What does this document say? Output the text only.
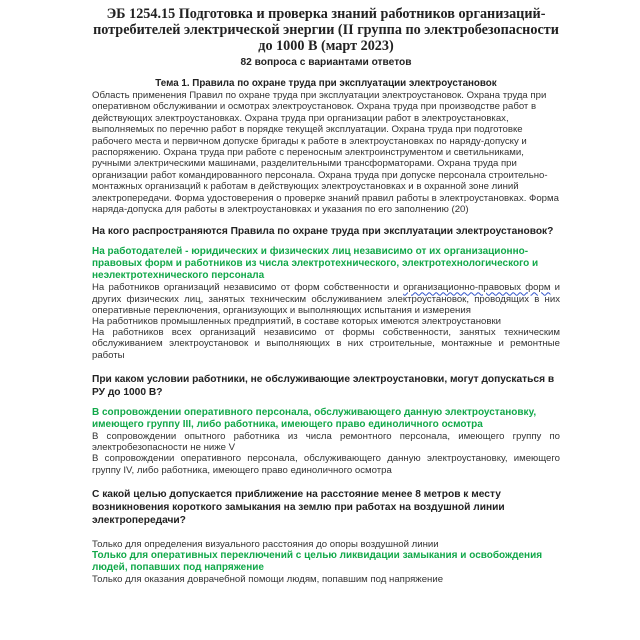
ЭБ 1254.15 Подготовка и проверка знаний работников организаций-потребителей электрической энергии (II группа по электробезопасности до 1000 В (март 2023)
82 вопроса с вариантами ответов
Тема 1. Правила по охране труда при эксплуатации электроустановок
Область применения Правил по охране труда при эксплуатации электроустановок. Охрана труда при оперативном обслуживании и осмотрах электроустановок. Охрана труда при производстве работ в действующих электроустановках. Охрана труда при организации работ в электроустановках, выполняемых по перечню работ в порядке текущей эксплуатации. Охрана труда при подготовке рабочего места и первичном допуске бригады к работе в электроустановках по наряду-допуску и распоряжению. Охрана труда при работе с переносным электроинструментом и светильниками, ручными электрическими машинами, разделительными трансформаторами. Охрана труда при организации работ командированного персонала. Охрана труда при допуске персонала строительно-монтажных организаций к работам в действующих электроустановках и в охранной зоне линий электропередачи. Форма удостоверения о проверке знаний правил работы в электроустановках. Форма наряда-допуска для работы в электроустановках и указания по его заполнению (20)
На кого распространяются Правила по охране труда при эксплуатации электроустановок?
На работодателей - юридических и физических лиц независимо от их организационно-правовых форм и работников из числа электротехнического, электротехнологического и неэлектротехнического персонала
На работников организаций независимо от форм собственности и организационно-правовых форм и других физических лиц, занятых техническим обслуживанием электроустановок, проводящих в них оперативные переключения, организующих и выполняющих испытания и измерения
На работников промышленных предприятий, в составе которых имеются электроустановки
На работников всех организаций независимо от формы собственности, занятых техническим обслуживанием электроустановок и выполняющих в них строительные, монтажные и ремонтные работы
При каком условии работники, не обслуживающие электроустановки, могут допускаться в РУ до 1000 В?
В сопровождении оперативного персонала, обслуживающего данную электроустановку, имеющего группу III, либо работника, имеющего право единоличного осмотра
В сопровождении опытного работника из числа ремонтного персонала, имеющего группу по электробезопасности не ниже V
В сопровождении оперативного персонала, обслуживающего данную электроустановку, имеющего группу IV, либо работника, имеющего право единоличного осмотра
С какой целью допускается приближение на расстояние менее 8 метров к месту возникновения короткого замыкания на землю при работах на воздушной линии электропередачи?
Только для определения визуального расстояния до опоры воздушной линии
Только для оперативных переключений с целью ликвидации замыкания и освобождения людей, попавших под напряжение
Только для оказания доврачебной помощи людям, попавшим под напряжение
